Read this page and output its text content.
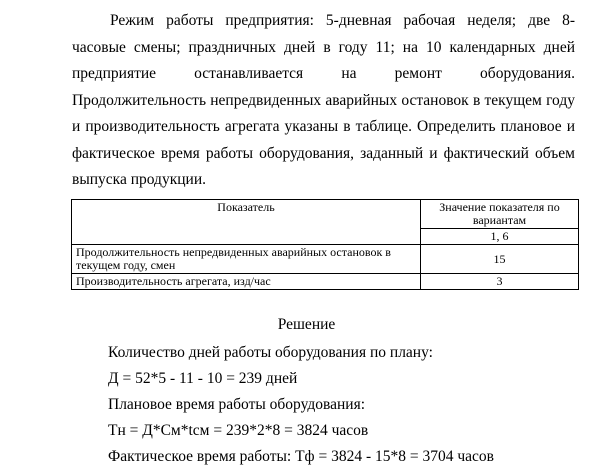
Режим работы предприятия: 5-дневная рабочая неделя; две 8- часовые смены; праздничных дней в году 11; на 10 календарных дней предприятие останавливается на ремонт оборудования. Продолжительность непредвиденных аварийных остановок в текущем году и производительность агрегата указаны в таблице. Определить плановое и фактическое время работы оборудования, заданный и фактический объем выпуска продукции.

Показатель	Значение показателя по вариантам
	1, 6
Продолжительность непредвиденных аварийных остановок в текущем году, смен	15
Производительность агрегата, изд/час	3
Решение
Количество дней работы оборудования по плану:
Д = 52*5 - 11 - 10 = 239 дней
Плановое время работы оборудования:
Тн = Д*См*tсм = 239*2*8 = 3824 часов
Фактическое время работы: Тф = 3824 - 15*8 = 3704 часов
